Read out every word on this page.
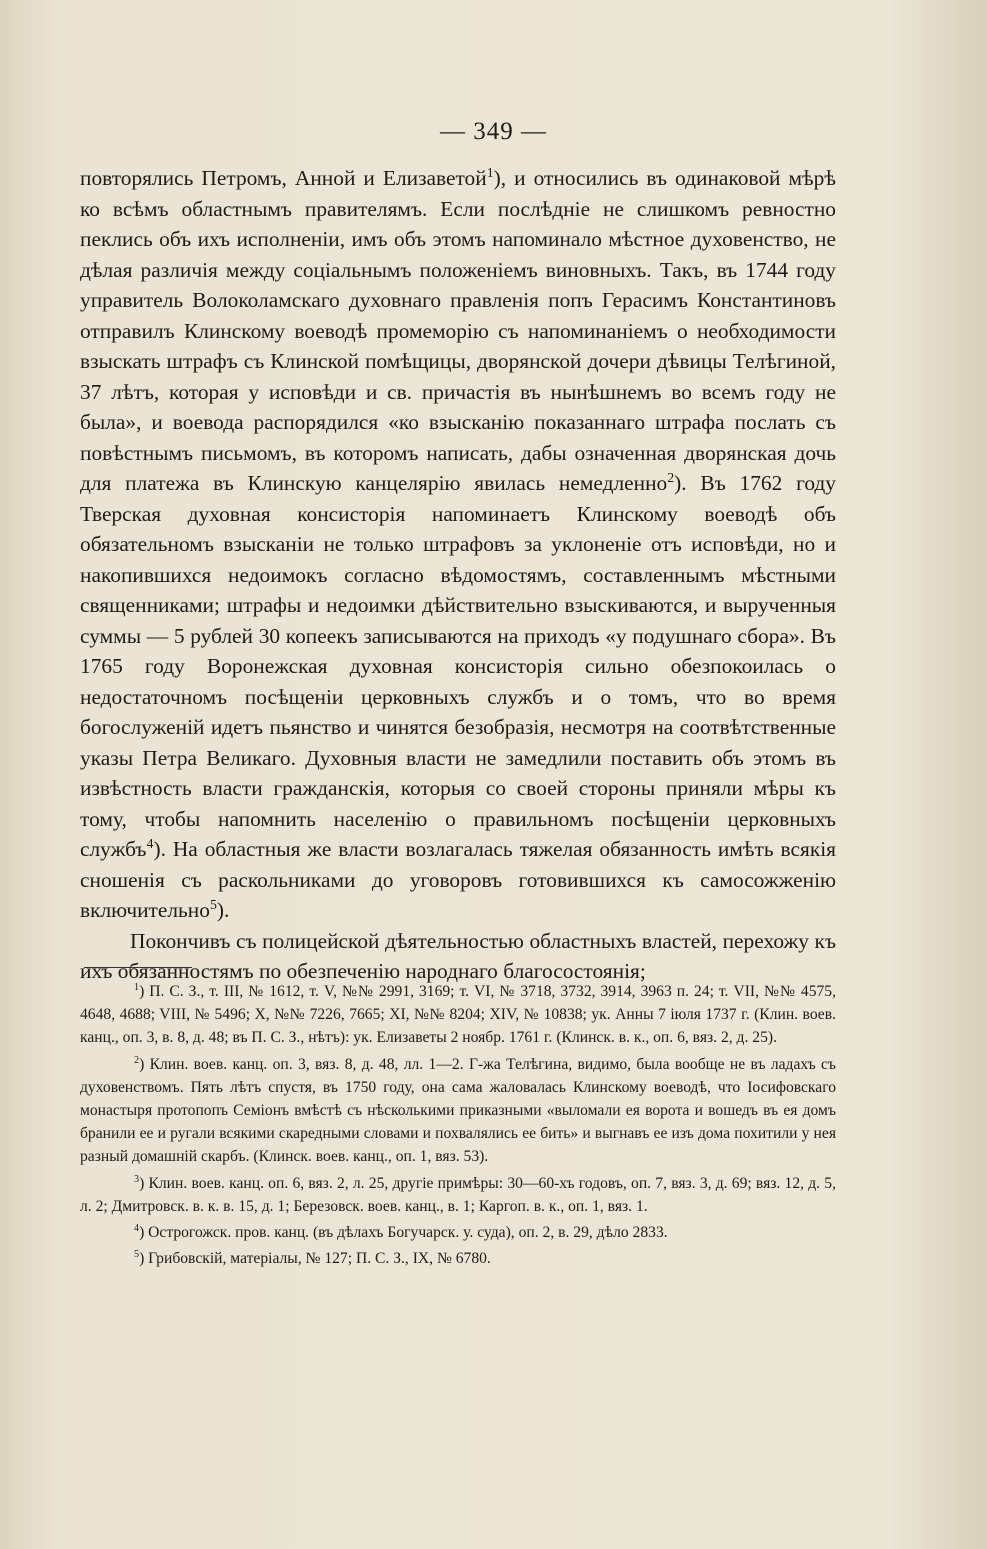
— 349 —

повторялись Петромъ, Анной и Елизаветой$^1$), и относились въ одинаковой мѣрѣ ко всѣмъ областнымъ правителямъ. Если послѣдніе не слишкомъ ревностно пеклись объ ихъ исполненіи, имъ объ этомъ напоминало мѣстное духовенство, не дѣлая различія между соціальнымъ положеніемъ виновныхъ. Такъ, въ 1744 году управитель Волоколамскаго духовнаго правленія попъ Герасимъ Константиновъ отправилъ Клинскому воеводѣ промеморію съ напоминаніемъ о необходимости взыскать штрафъ съ Клинской помѣщицы, дворянской дочери дѣвицы Телѣгиной, 37 лѣтъ, которая у исповѣди и св. причастія въ нынѣшнемъ во всемъ году не была», и воевода распорядился «ко взысканію показаннаго штрафа послать съ повѣстнымъ письмомъ, въ которомъ написать, дабы означенная дворянская дочь для платежа въ Клинскую канцелярію явилась немедленно$^2$). Въ 1762 году Тверская духовная консисторія напоминаетъ Клинскому воеводѣ объ обязательномъ взысканіи не только штрафовъ за уклоненіе отъ исповѣди, но и накопившихся недоимокъ согласно вѣдомостямъ, составленнымъ мѣстными священниками; штрафы и недоимки дѣйствительно взыскиваются, и вырученныя суммы — 5 рублей 30 копеекъ записываются на приходъ «у подушнаго сбора». Въ 1765 году Воронежская духовная консисторія сильно обезпокоилась о недостаточномъ посѣщеніи церковныхъ службъ и о томъ, что во время богослуженій идетъ пьянство и чинятся безобразія, несмотря на соотвѣтственные указы Петра Великаго. Духовныя власти не замедлили поставить объ этомъ въ извѣстность власти гражданскія, которыя со своей стороны приняли мѣры къ тому, чтобы напомнить населенію о правильномъ посѣщеніи церковныхъ службъ$^4$). На областныя же власти возлагалась тяжелая обязанность имѣть всякія сношенія съ раскольниками до уговоровъ готовившихся къ самосожженію включительно$^5$).

Покончивъ съ полицейской дѣятельностью областныхъ властей, перехожу къ ихъ обязанностямъ по обезпеченію народнаго благосостоянія;

$^1$) П. С. З., т. III, № 1612, т. V, №№ 2991, 3169; т. VI, № 3718, 3732, 3914, 3963 п. 24; т. VII, №№ 4575, 4648, 4688; VIII, № 5496; X, №№ 7226, 7665; XI, №№ 8204; XIV, № 10838; ук. Анны 7 іюля 1737 г. (Клин. воев. канц., оп. 3, в. 8, д. 48; въ П. С. З., нѣтъ): ук. Елизаветы 2 ноябр. 1761 г. (Клинск. в. к., оп. 6, вяз. 2, д. 25).

$^2$) Клин. воев. канц. оп. 3, вяз. 8, д. 48, лл. 1—2. Г-жа Телѣгина, видимо, была вообще не въ ладахъ съ духовенствомъ. Пять лѣтъ спустя, въ 1750 году, она сама жаловалась Клинскому воеводѣ, что Іосифовскаго монастыря протопопъ Семіонъ вмѣстѣ съ нѣсколькими приказными «выломали ея ворота и вошедъ въ ея домъ бранили ее и ругали всякими скаредными словами и похвалялись ее бить» и выгнавъ ее изъ дома похитили у нея разный домашній скарбъ. (Клинск. воев. канц., оп. 1, вяз. 53).

$^3$) Клин. воев. канц. оп. 6, вяз. 2, л. 25, другіе примѣры: 30—60-хъ годовъ, оп. 7, вяз. 3, д. 69; вяз. 12, д. 5, л. 2; Дмитровск. в. к. в. 15, д. 1; Березовск. воев. канц., в. 1; Каргоп. в. к., оп. 1, вяз. 1.

$^4$) Острогожск. пров. канц. (въ дѣлахъ Богучарск. у. суда), оп. 2, в. 29, дѣло 2833.

$^5$) Грибовскій, матеріалы, № 127; П. С. З., IX, № 6780.
